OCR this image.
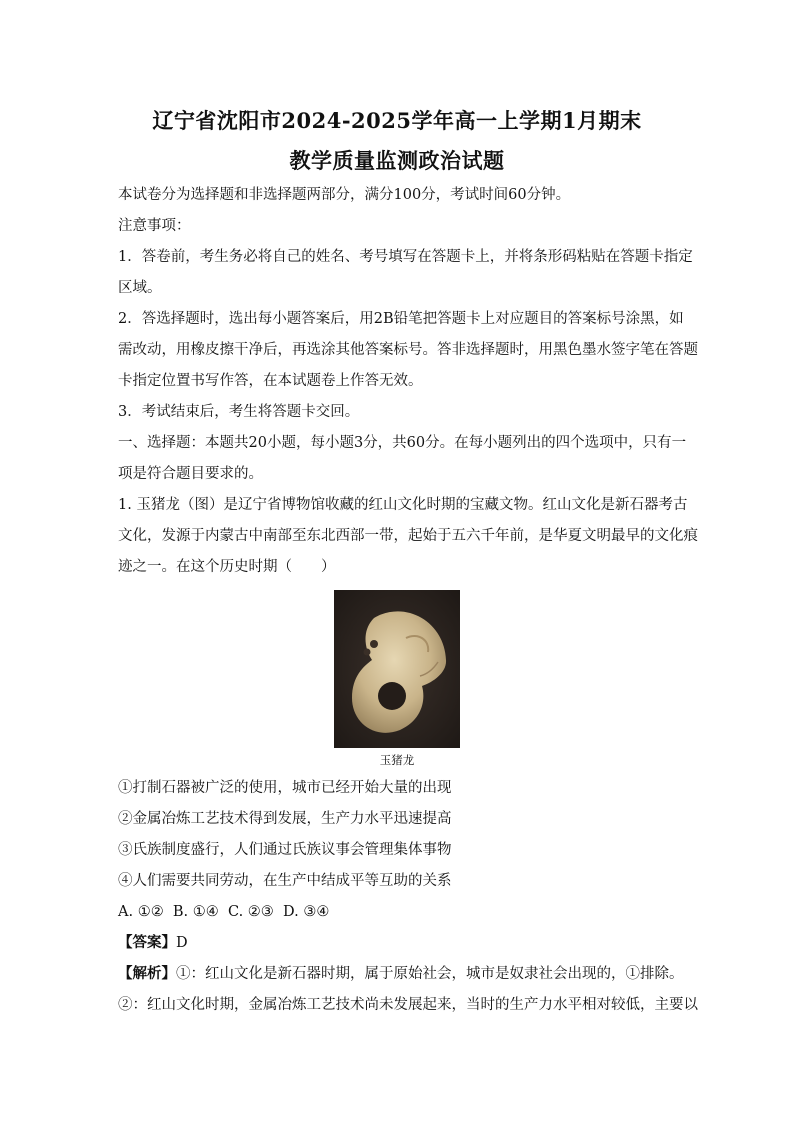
辽宁省沈阳市2024-2025学年高一上学期1月期末
教学质量监测政治试题
本试卷分为选择题和非选择题两部分，满分100分，考试时间60分钟。
注意事项：
1．答卷前，考生务必将自己的姓名、考号填写在答题卡上，并将条形码粘贴在答题卡指定
区域。
2．答选择题时，选出每小题答案后，用2B铅笔把答题卡上对应题目的答案标号涂黑，如
需改动，用橡皮擦干净后，再选涂其他答案标号。答非选择题时，用黑色墨水签字笔在答题
卡指定位置书写作答，在本试题卷上作答无效。
3．考试结束后，考生将答题卡交回。
一、选择题：本题共20小题，每小题3分，共60分。在每小题列出的四个选项中，只有一
项是符合题目要求的。
1. 玉猪龙（图）是辽宁省博物馆收藏的红山文化时期的宝藏文物。红山文化是新石器考古
文化，发源于内蒙古中南部至东北西部一带，起始于五六千年前，是华夏文明最早的文化痕
迹之一。在这个历史时期（　　）
玉猪龙
①打制石器被广泛的使用，城市已经开始大量的出现
②金属冶炼工艺技术得到发展，生产力水平迅速提高
③氏族制度盛行，人们通过氏族议事会管理集体事物
④人们需要共同劳动，在生产中结成平等互助的关系
A. ①②  B. ①④  C. ②③  D. ③④
【答案】D
【解析】①：红山文化是新石器时期，属于原始社会，城市是奴隶社会出现的，①排除。
②：红山文化时期，金属冶炼工艺技术尚未发展起来，当时的生产力水平相对较低，主要以
